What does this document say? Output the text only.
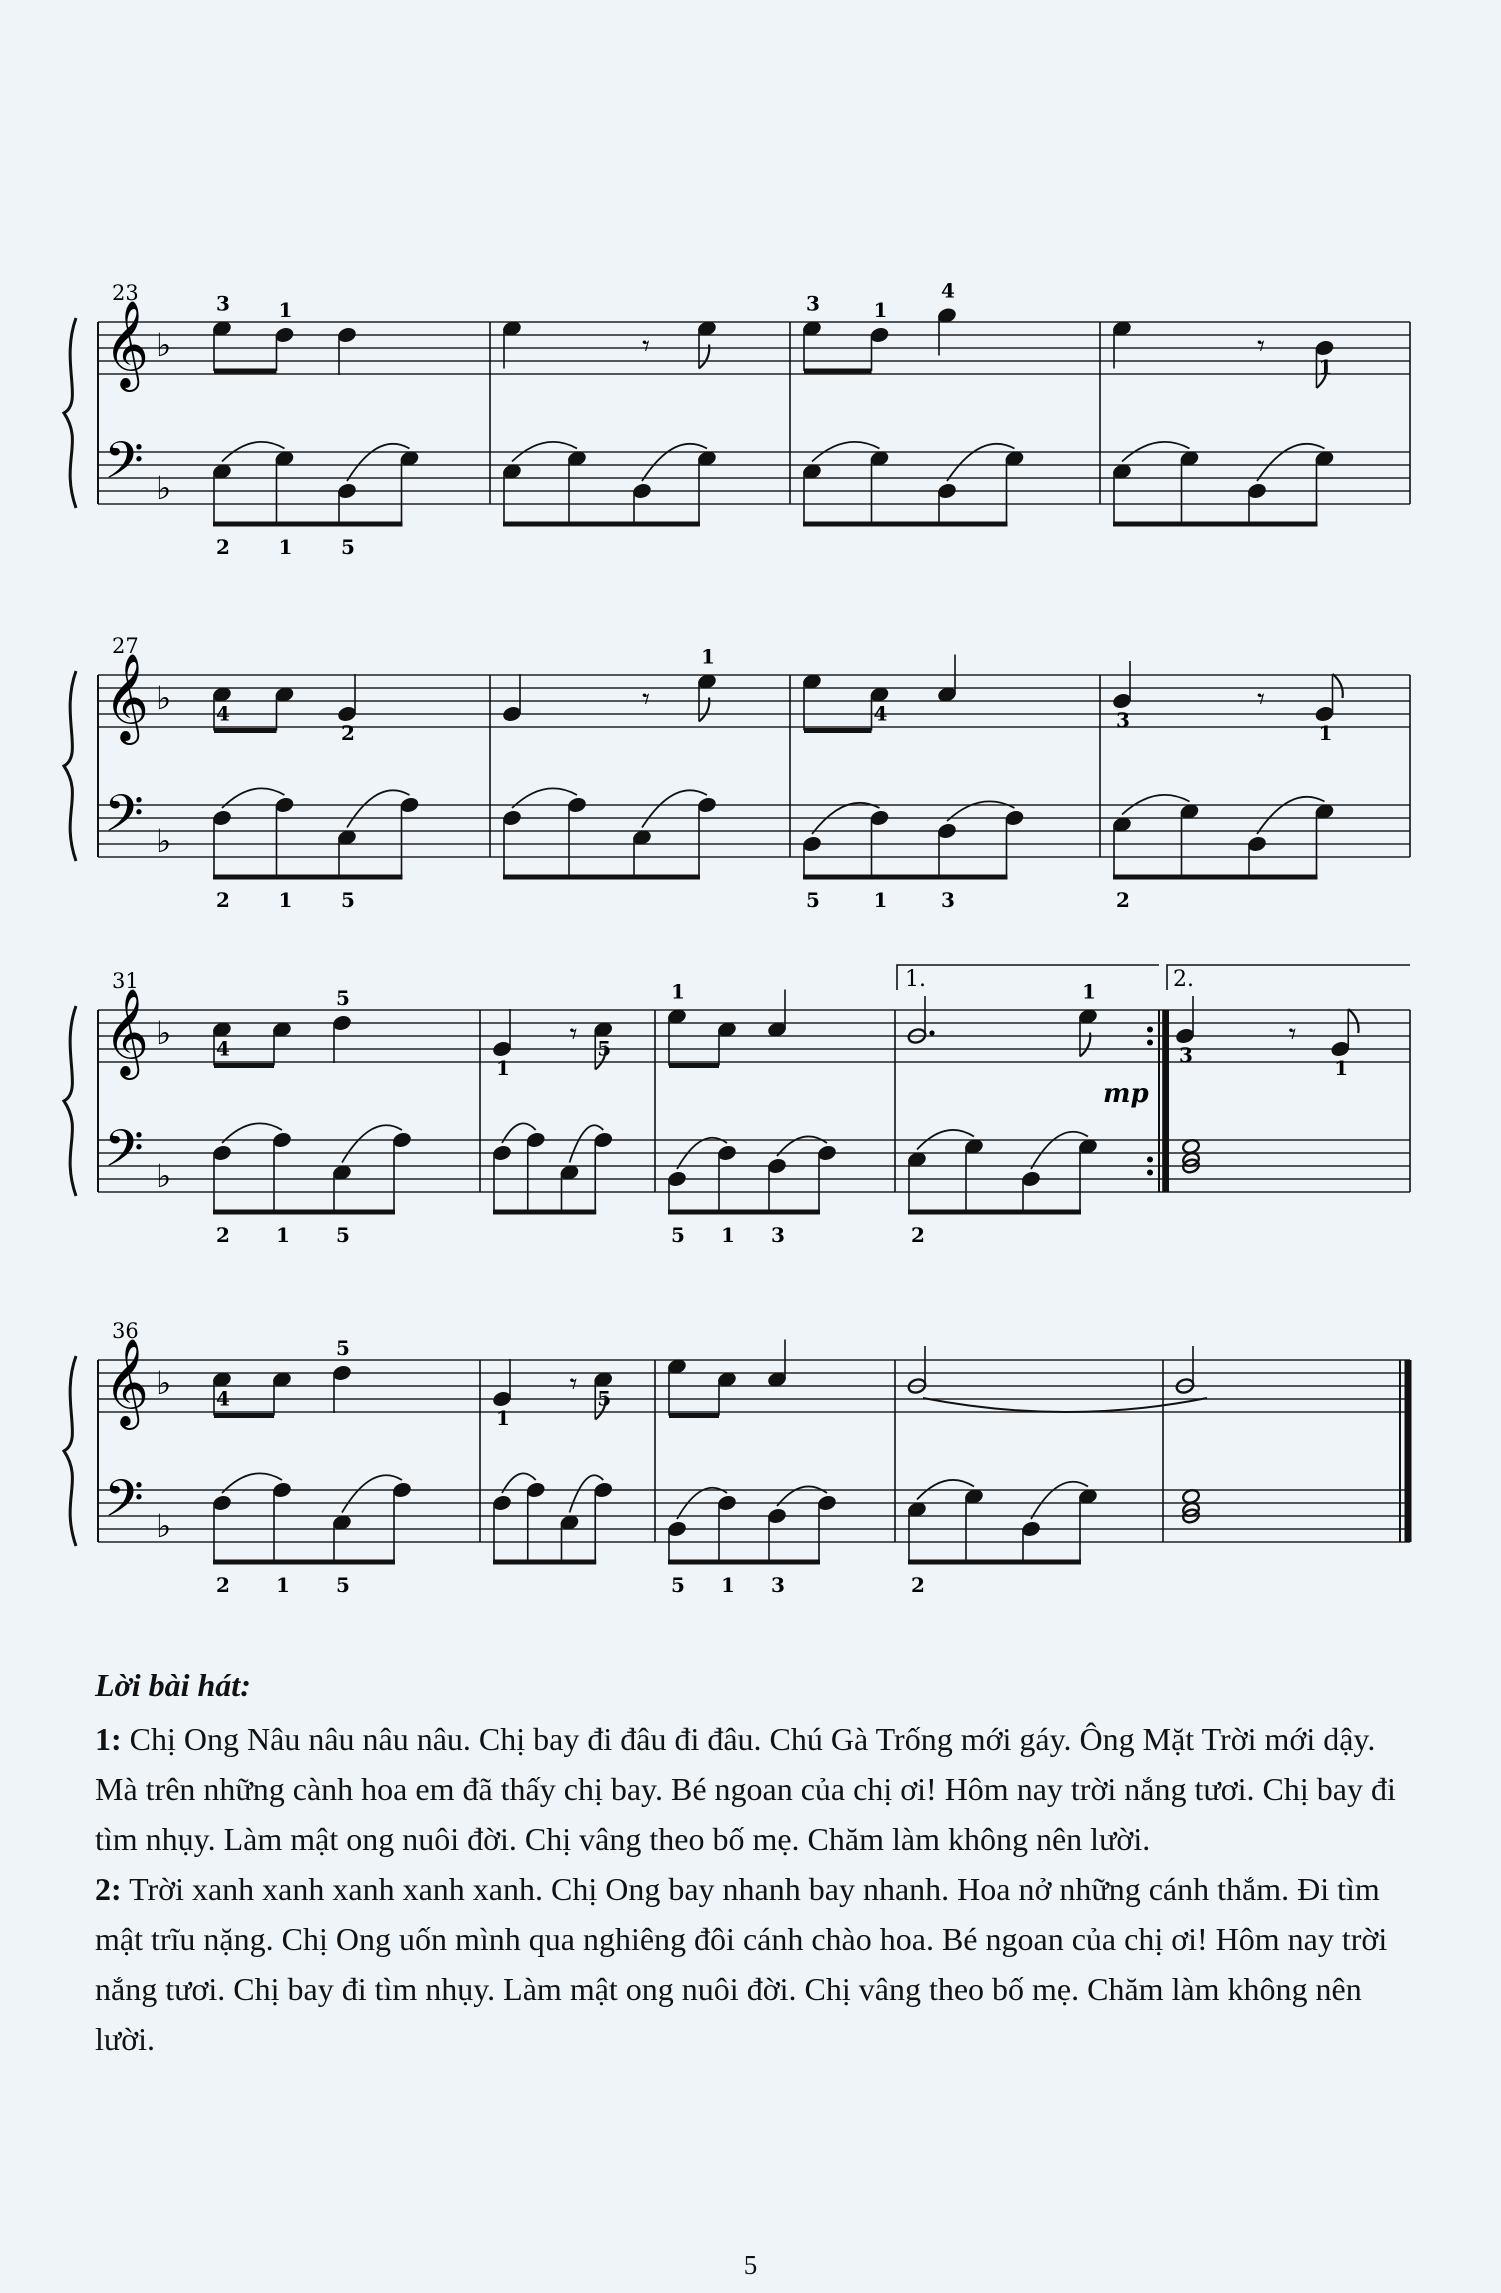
23
𝄞
𝄢
♭
♭
3 1
2 1 5
𝄾
3	1
4
𝄾
1
27
𝄞
𝄢
♭
♭
4
2
2 1 5
𝄾
1
4
5	1	3
3
𝄾
1
2
31
𝄞
𝄢
♭
♭
1.	2.
mp
4
5
2 1 5
1
𝄾 5
1
5 1 3
1
2
3
𝄾
1
36
𝄞
𝄢
♭
♭
4
5
2 1 5
1
𝄾 5
5 1 3	2
Lời bài hát:

1: Chị Ong Nâu nâu nâu nâu. Chị bay đi đâu đi đâu. Chú Gà Trống mới gáy. Ông Mặt Trời mới dậy. Mà trên những cành hoa em đã thấy chị bay. Bé ngoan của chị ơi! Hôm nay trời nắng tươi. Chị bay đi tìm nhụy. Làm mật ong nuôi đời. Chị vâng theo bố mẹ. Chăm làm không nên lười.

2: Trời xanh xanh xanh xanh xanh. Chị Ong bay nhanh bay nhanh. Hoa nở những cánh thắm. Đi tìm mật trĩu nặng. Chị Ong uốn mình qua nghiêng đôi cánh chào hoa. Bé ngoan của chị ơi! Hôm nay trời nắng tươi. Chị bay đi tìm nhụy. Làm mật ong nuôi đời. Chị vâng theo bố mẹ. Chăm làm không nên lười.

5
